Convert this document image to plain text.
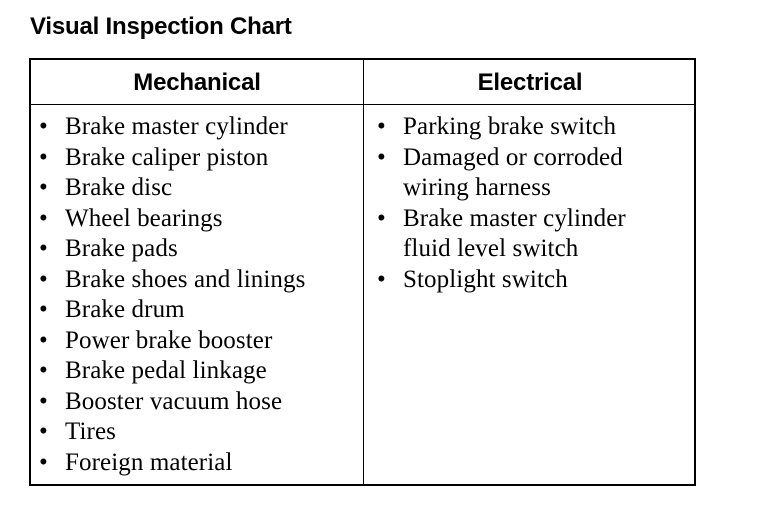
Visual Inspection Chart
Mechanical	Electrical
• Brake master cylinder
• Brake caliper piston
• Brake disc
• Wheel bearings
• Brake pads
• Brake shoes and linings
• Brake drum
• Power brake booster
• Brake pedal linkage
• Booster vacuum hose
• Tires
• Foreign material
• Parking brake switch
• Damaged or corroded
wiring harness
• Brake master cylinder
fluid level switch
• Stoplight switch
